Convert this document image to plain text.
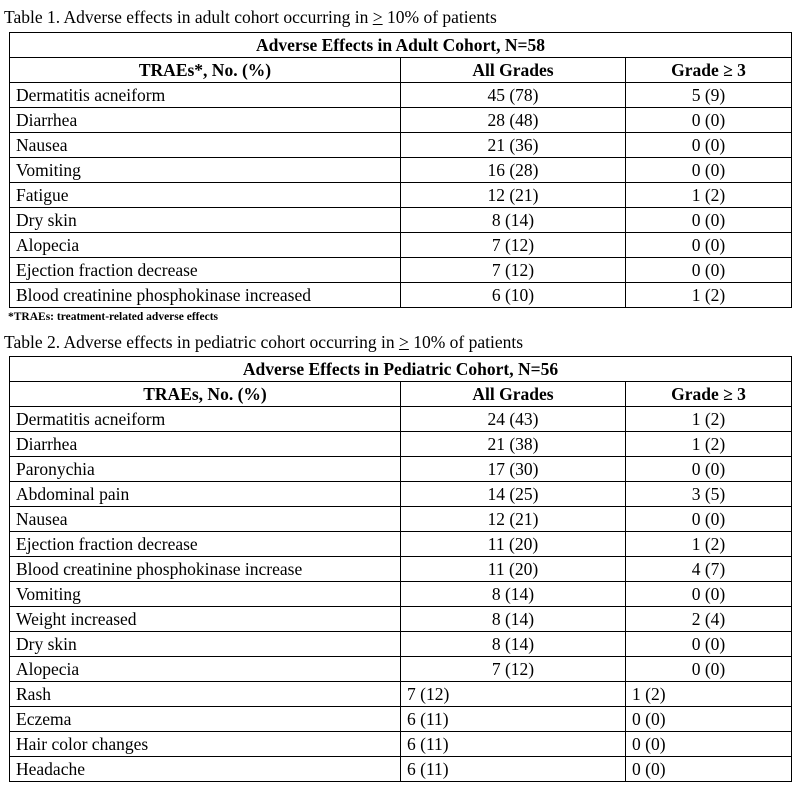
Table 1. Adverse effects in adult cohort occurring in > 10% of patients
Adverse Effects in Adult Cohort, N=58		
TRAEs*, No. (%)	All Grades	Grade ≥ 3
Dermatitis acneiform	45 (78)	5 (9)
Diarrhea	28 (48)	0 (0)
Nausea	21 (36)	0 (0)
Vomiting	16 (28)	0 (0)
Fatigue	12 (21)	1 (2)
Dry skin	8 (14)	0 (0)
Alopecia	7 (12)	0 (0)
Ejection fraction decrease	7 (12)	0 (0)
Blood creatinine phosphokinase increased	6 (10)	1 (2)
*TRAEs: treatment-related adverse effects
Table 2. Adverse effects in pediatric cohort occurring in > 10% of patients
Adverse Effects in Pediatric Cohort, N=56		
TRAEs, No. (%)	All Grades	Grade ≥ 3
Dermatitis acneiform	24 (43)	1 (2)
Diarrhea	21 (38)	1 (2)
Paronychia	17 (30)	0 (0)
Abdominal pain	14 (25)	3 (5)
Nausea	12 (21)	0 (0)
Ejection fraction decrease	11 (20)	1 (2)
Blood creatinine phosphokinase increase	11 (20)	4 (7)
Vomiting	8 (14)	0 (0)
Weight increased	8 (14)	2 (4)
Dry skin	8 (14)	0 (0)
Alopecia	7 (12)	0 (0)
Rash	7 (12)	1 (2)
Eczema	6 (11)	0 (0)
Hair color changes	6 (11)	0 (0)
Headache	6 (11)	0 (0)
